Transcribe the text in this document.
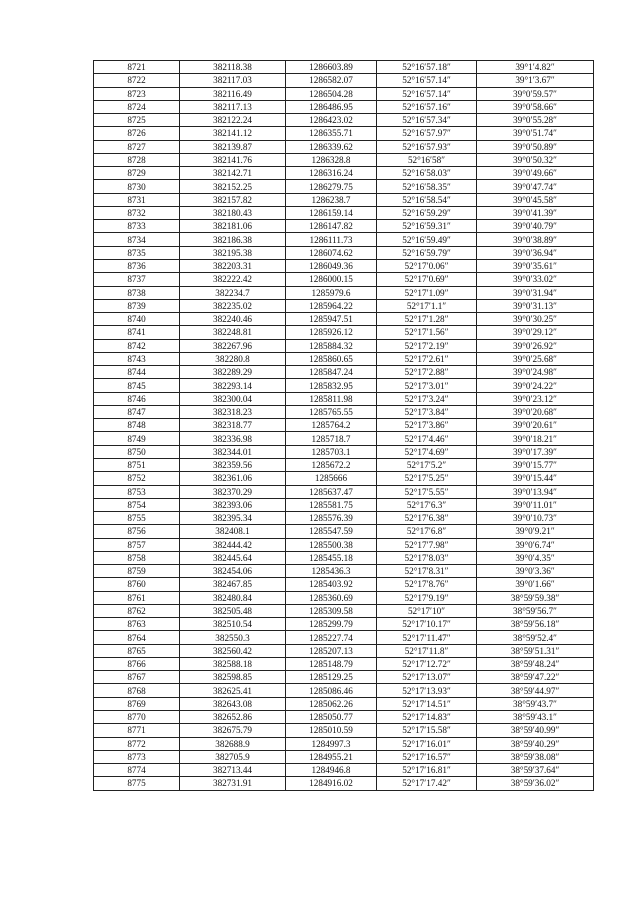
8721	382118.38	1286603.89	52°16′57.18″	39°1′4.82″
8722	382117.03	1286582.07	52°16′57.14″	39°1′3.67″
8723	382116.49	1286504.28	52°16′57.14″	39°0′59.57″
8724	382117.13	1286486.95	52°16′57.16″	39°0′58.66″
8725	382122.24	1286423.02	52°16′57.34″	39°0′55.28″
8726	382141.12	1286355.71	52°16′57.97″	39°0′51.74″
8727	382139.87	1286339.62	52°16′57.93″	39°0′50.89″
8728	382141.76	1286328.8	52°16′58″	39°0′50.32″
8729	382142.71	1286316.24	52°16′58.03″	39°0′49.66″
8730	382152.25	1286279.75	52°16′58.35″	39°0′47.74″
8731	382157.82	1286238.7	52°16′58.54″	39°0′45.58″
8732	382180.43	1286159.14	52°16′59.29″	39°0′41.39″
8733	382181.06	1286147.82	52°16′59.31″	39°0′40.79″
8734	382186.38	1286111.73	52°16′59.49″	39°0′38.89″
8735	382195.38	1286074.62	52°16′59.79″	39°0′36.94″
8736	382203.31	1286049.36	52°17′0.06″	39°0′35.61″
8737	382222.42	1286000.15	52°17′0.69″	39°0′33.02″
8738	382234.7	1285979.6	52°17′1.09″	39°0′31.94″
8739	382235.02	1285964.22	52°17′1.1″	39°0′31.13″
8740	382240.46	1285947.51	52°17′1.28″	39°0′30.25″
8741	382248.81	1285926.12	52°17′1.56″	39°0′29.12″
8742	382267.96	1285884.32	52°17′2.19″	39°0′26.92″
8743	382280.8	1285860.65	52°17′2.61″	39°0′25.68″
8744	382289.29	1285847.24	52°17′2.88″	39°0′24.98″
8745	382293.14	1285832.95	52°17′3.01″	39°0′24.22″
8746	382300.04	1285811.98	52°17′3.24″	39°0′23.12″
8747	382318.23	1285765.55	52°17′3.84″	39°0′20.68″
8748	382318.77	1285764.2	52°17′3.86″	39°0′20.61″
8749	382336.98	1285718.7	52°17′4.46″	39°0′18.21″
8750	382344.01	1285703.1	52°17′4.69″	39°0′17.39″
8751	382359.56	1285672.2	52°17′5.2″	39°0′15.77″
8752	382361.06	1285666	52°17′5.25″	39°0′15.44″
8753	382370.29	1285637.47	52°17′5.55″	39°0′13.94″
8754	382393.06	1285581.75	52°17′6.3″	39°0′11.01″
8755	382395.34	1285576.39	52°17′6.38″	39°0′10.73″
8756	382408.1	1285547.59	52°17′6.8″	39°0′9.21″
8757	382444.42	1285500.38	52°17′7.98″	39°0′6.74″
8758	382445.64	1285455.18	52°17′8.03″	39°0′4.35″
8759	382454.06	1285436.3	52°17′8.31″	39°0′3.36″
8760	382467.85	1285403.92	52°17′8.76″	39°0′1.66″
8761	382480.84	1285360.69	52°17′9.19″	38°59′59.38″
8762	382505.48	1285309.58	52°17′10″	38°59′56.7″
8763	382510.54	1285299.79	52°17′10.17″	38°59′56.18″
8764	382550.3	1285227.74	52°17′11.47″	38°59′52.4″
8765	382560.42	1285207.13	52°17′11.8″	38°59′51.31″
8766	382588.18	1285148.79	52°17′12.72″	38°59′48.24″
8767	382598.85	1285129.25	52°17′13.07″	38°59′47.22″
8768	382625.41	1285086.46	52°17′13.93″	38°59′44.97″
8769	382643.08	1285062.26	52°17′14.51″	38°59′43.7″
8770	382652.86	1285050.77	52°17′14.83″	38°59′43.1″
8771	382675.79	1285010.59	52°17′15.58″	38°59′40.99″
8772	382688.9	1284997.3	52°17′16.01″	38°59′40.29″
8773	382705.9	1284955.21	52°17′16.57″	38°59′38.08″
8774	382713.44	1284946.8	52°17′16.81″	38°59′37.64″
8775	382731.91	1284916.02	52°17′17.42″	38°59′36.02″
